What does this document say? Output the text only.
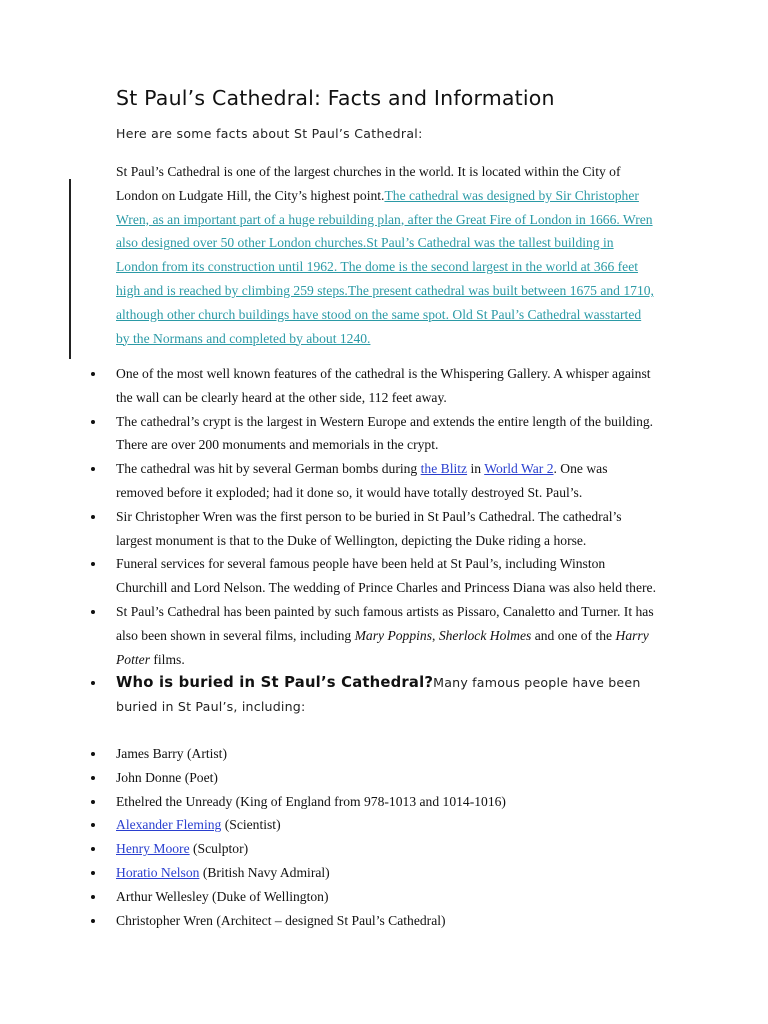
St Paul’s Cathedral: Facts and Information

Here are some facts about St Paul’s Cathedral:

St Paul’s Cathedral is one of the largest churches in the world. It is located within the City of London on Ludgate Hill, the City’s highest point.The cathedral was designed by Sir Christopher Wren, as an important part of a huge rebuilding plan, after the Great Fire of London in 1666. Wren also designed over 50 other London churches.St Paul’s Cathedral was the tallest building in London from its construction until 1962. The dome is the second largest in the world at 366 feet high and is reached by climbing 259 steps.The present cathedral was built between 1675 and 1710, although other church buildings have stood on the same spot. Old St Paul’s Cathedral wasstarted by the Normans and completed by about 1240.

One of the most well known features of the cathedral is the Whispering Gallery. A whisper against the wall can be clearly heard at the other side, 112 feet away.
The cathedral’s crypt is the largest in Western Europe and extends the entire length of the building. There are over 200 monuments and memorials in the crypt.
The cathedral was hit by several German bombs during the Blitz in World War 2. One was removed before it exploded; had it done so, it would have totally destroyed St. Paul’s.
Sir Christopher Wren was the first person to be buried in St Paul’s Cathedral. The cathedral’s largest monument is that to the Duke of Wellington, depicting the Duke riding a horse.
Funeral services for several famous people have been held at St Paul’s, including Winston Churchill and Lord Nelson. The wedding of Prince Charles and Princess Diana was also held there.
St Paul’s Cathedral has been painted by such famous artists as Pissaro, Canaletto and Turner. It has also been shown in several films, including Mary Poppins, Sherlock Holmes and one of the Harry Potter films.
Who is buried in St Paul’s Cathedral?Many famous people have been buried in St Paul’s, including:
James Barry (Artist)
John Donne (Poet)
Ethelred the Unready (King of England from 978-1013 and 1014-1016)
Alexander Fleming (Scientist)
Henry Moore (Sculptor)
Horatio Nelson (British Navy Admiral)
Arthur Wellesley (Duke of Wellington)
Christopher Wren (Architect – designed St Paul’s Cathedral)
